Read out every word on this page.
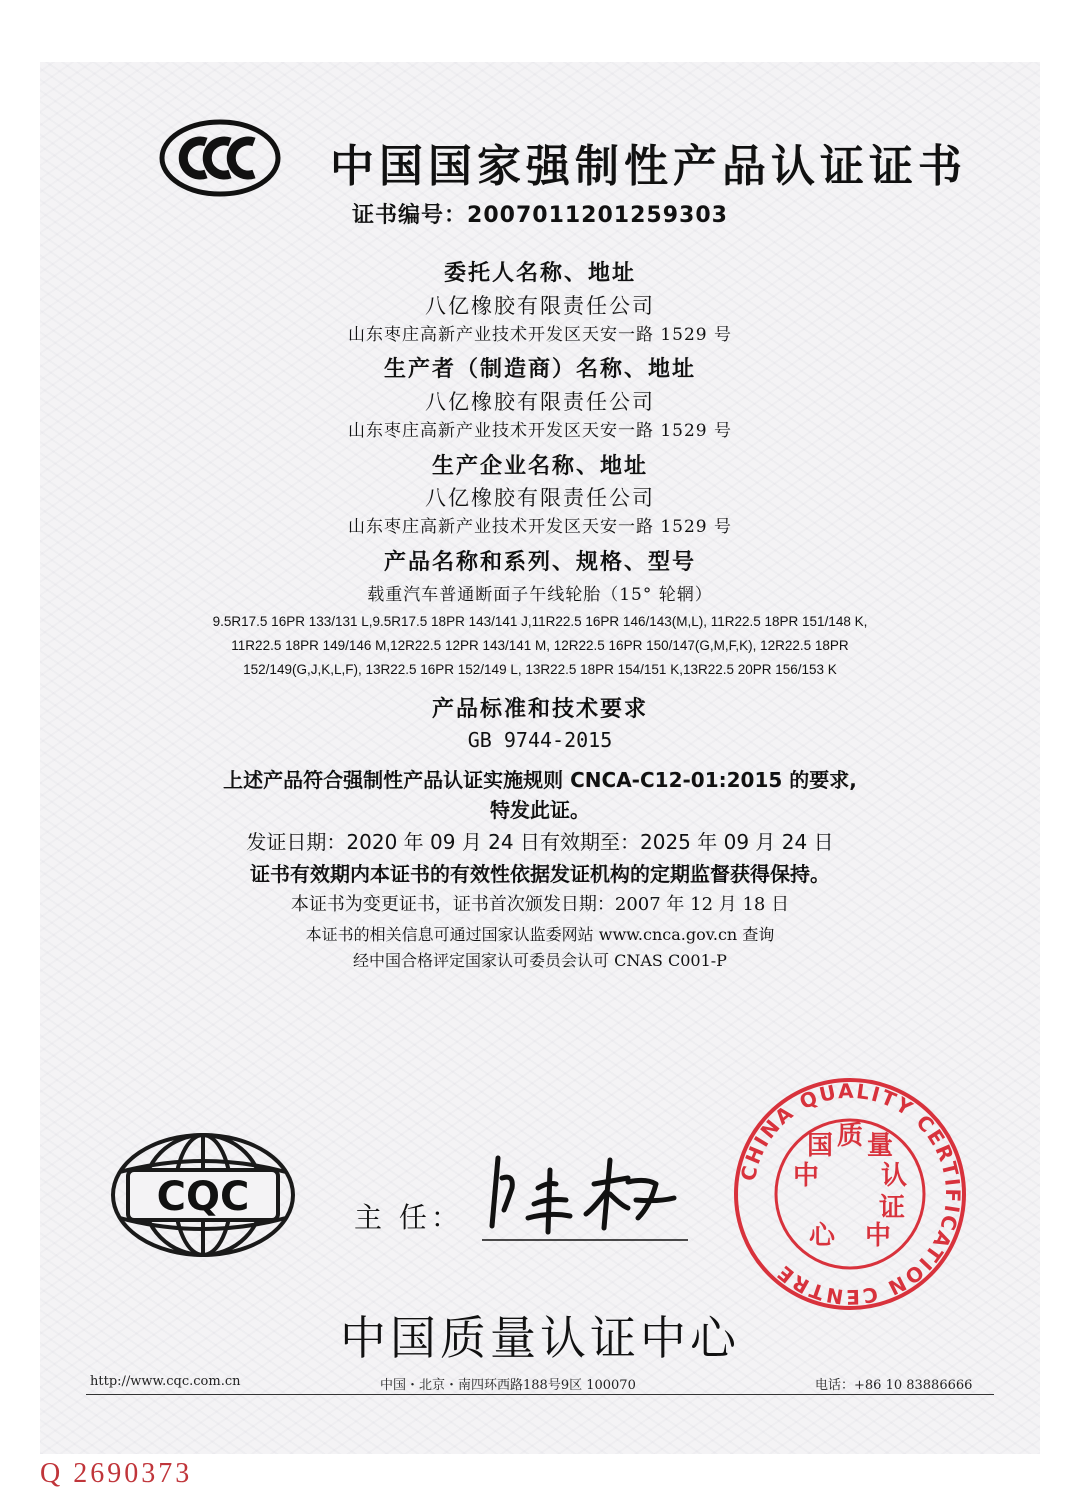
中国国家强制性产品认证证书
证书编号：2007011201259303
委托人名称、地址
八亿橡胶有限责任公司
山东枣庄高新产业技术开发区天安一路 1529 号
生产者（制造商）名称、地址
八亿橡胶有限责任公司
山东枣庄高新产业技术开发区天安一路 1529 号
生产企业名称、地址
八亿橡胶有限责任公司
山东枣庄高新产业技术开发区天安一路 1529 号
产品名称和系列、规格、型号
载重汽车普通断面子午线轮胎（15° 轮辋）
9.5R17.5 16PR 133/131 L,9.5R17.5 18PR 143/141 J,11R22.5 16PR 146/143(M,L), 11R22.5 18PR 151/148 K,
11R22.5 18PR 149/146 M,12R22.5 12PR 143/141 M, 12R22.5 16PR 150/147(G,M,F,K), 12R22.5 18PR
152/149(G,J,K,L,F), 13R22.5 16PR 152/149 L, 13R22.5 18PR 154/151 K,13R22.5 20PR 156/153 K
产品标准和技术要求
GB 9744-2015
上述产品符合强制性产品认证实施规则 CNCA-C12-01:2015 的要求,
特发此证。
发证日期：2020 年 09 月 24 日有效期至：2025 年 09 月 24 日
证书有效期内本证书的有效性依据发证机构的定期监督获得保持。
本证书为变更证书，证书首次颁发日期：2007 年 12 月 18 日
本证书的相关信息可通过国家认监委网站 www.cnca.gov.cn 查询
经中国合格评定国家认可委员会认可 CNAS C001-P
CQC	主 任：
CHINA QUALITY CERTIFICATION CENTRE
中
国 质 量
认
证
中
心
中国质量认证中心
http://www.cqc.com.cn	中国・北京・南四环西路188号9区 100070	电话：+86 10 83886666
Q 2690373
